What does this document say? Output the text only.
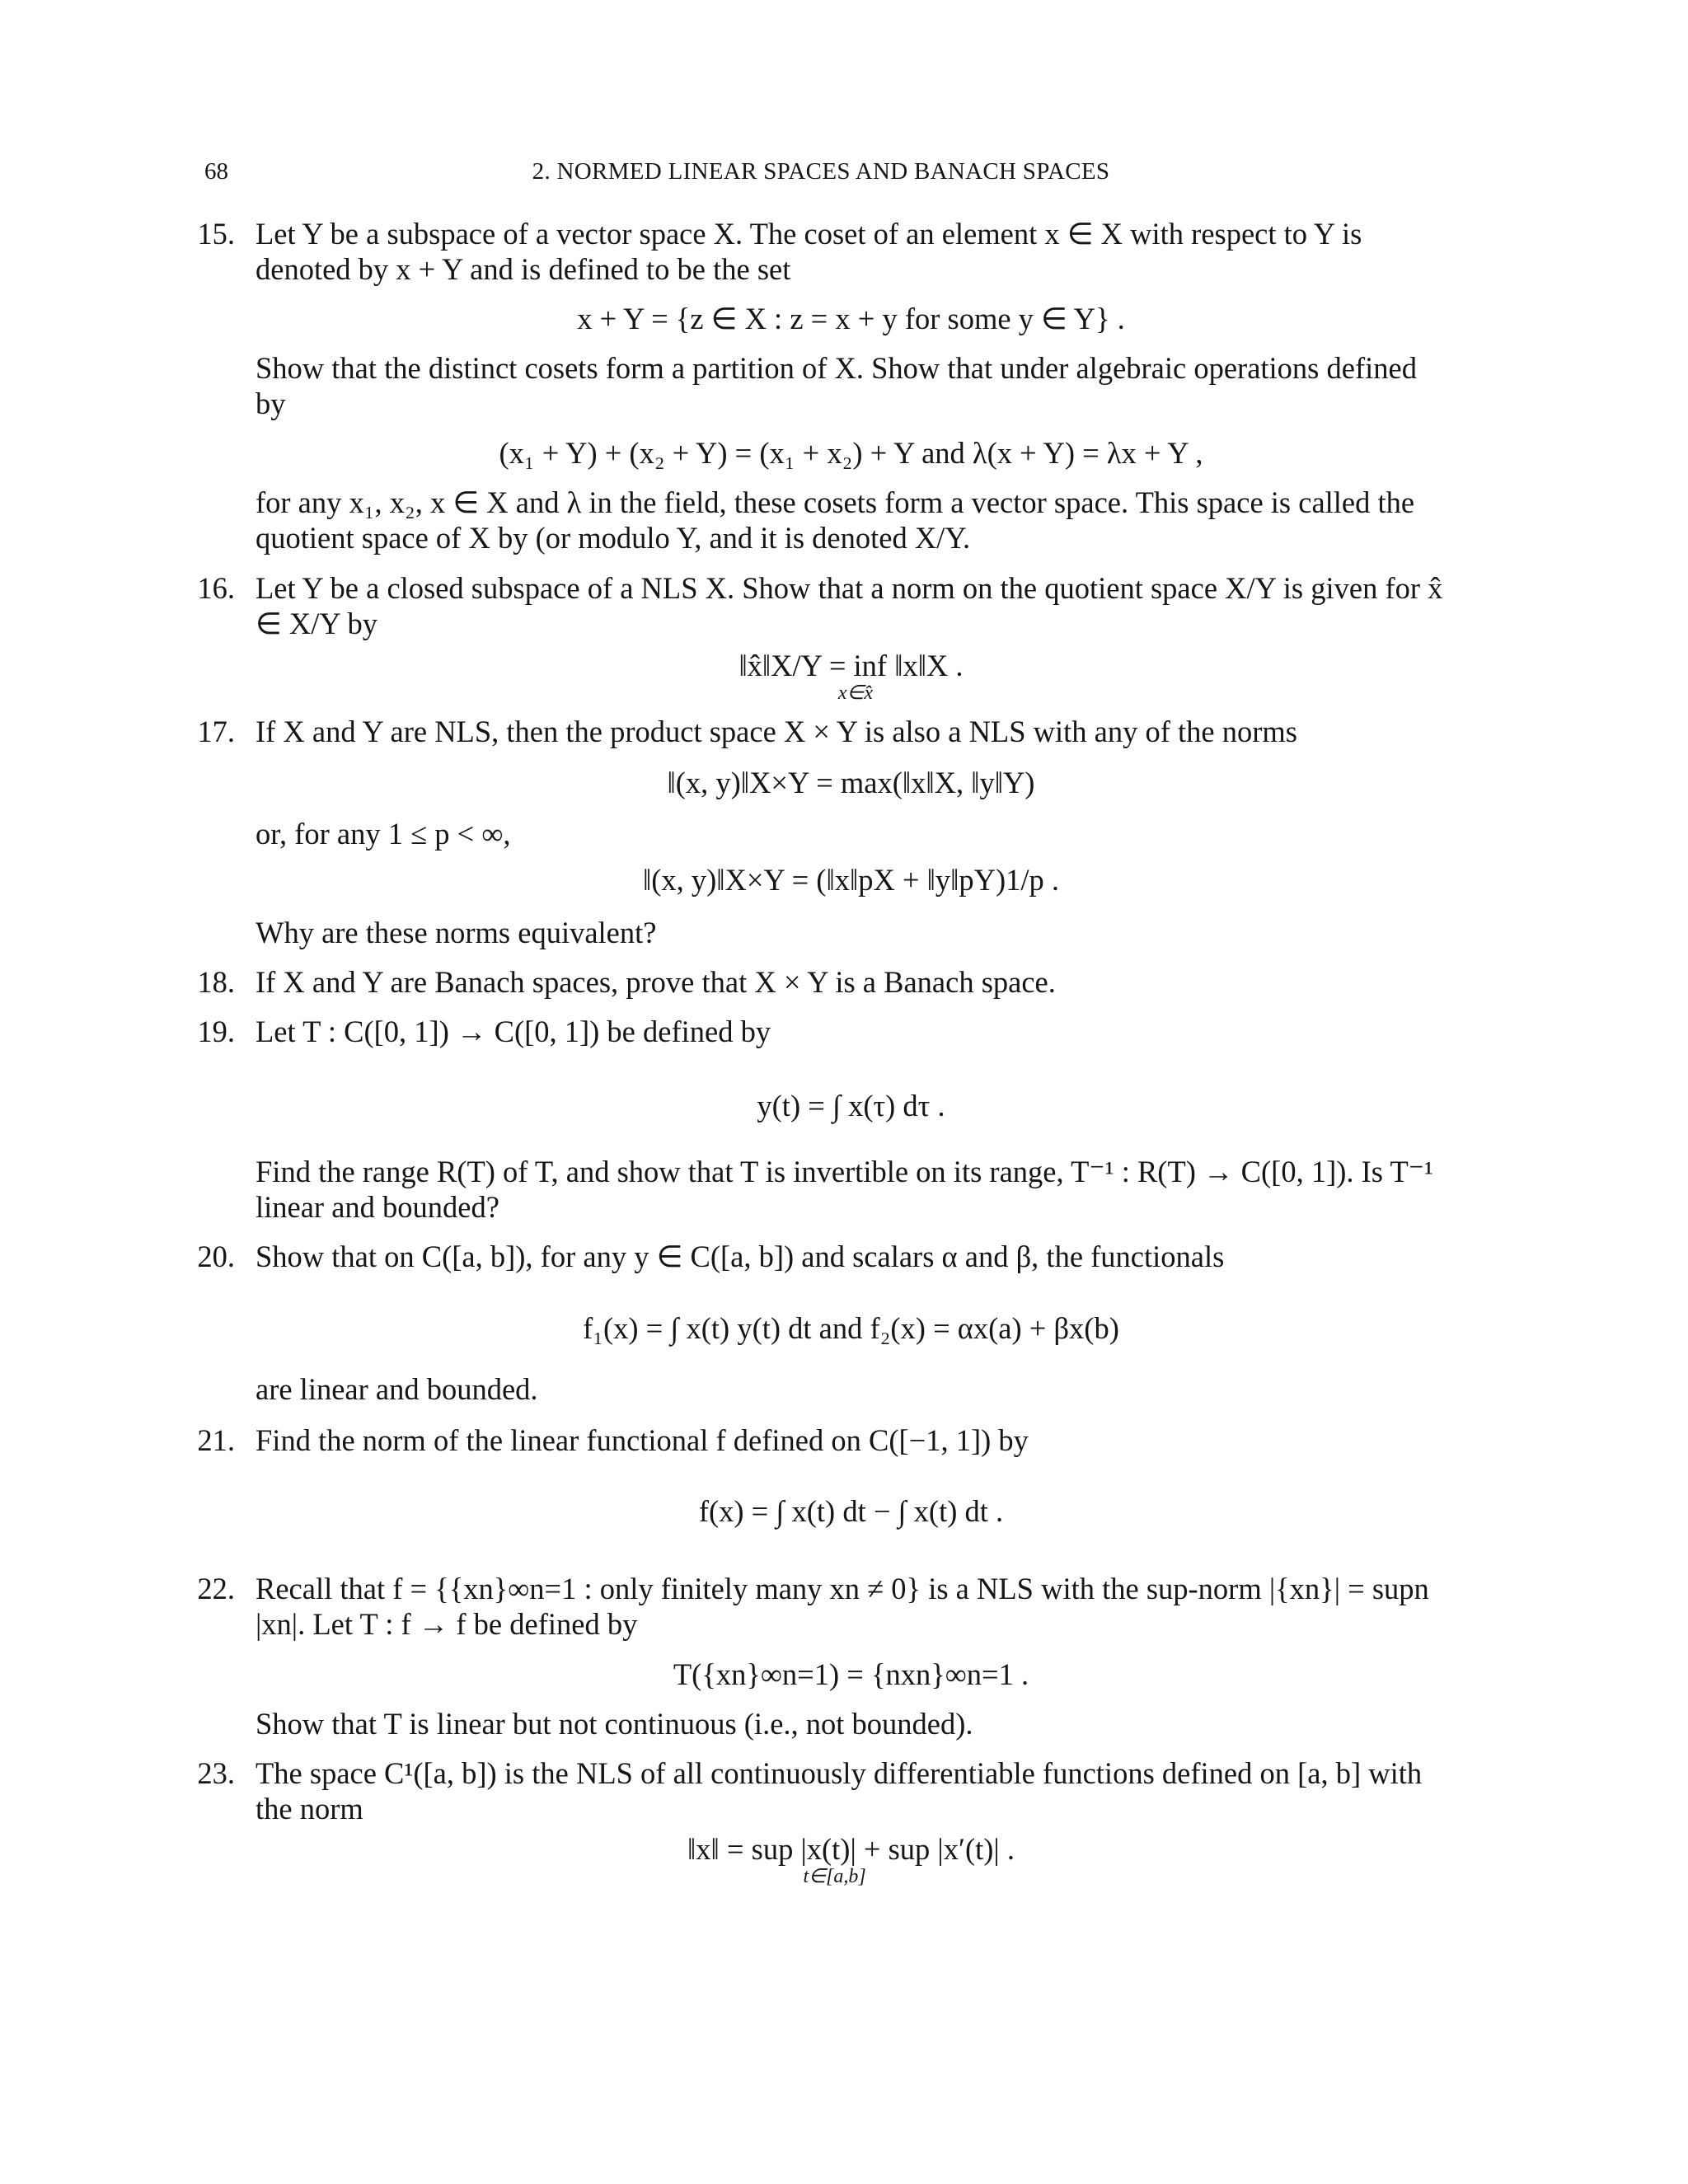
68	2. NORMED LINEAR SPACES AND BANACH SPACES
15. Let Y be a subspace of a vector space X. The coset of an element x ∈ X with respect to Y is denoted by x + Y and is defined to be the set

x + Y = {z ∈ X : z = x + y for some y ∈ Y} .

Show that the distinct cosets form a partition of X. Show that under algebraic operations defined by

(x₁ + Y) + (x₂ + Y) = (x₁ + x₂) + Y and λ(x + Y) = λx + Y ,

for any x₁, x₂, x ∈ X and λ in the field, these cosets form a vector space. This space is called the quotient space of X by (or modulo Y, and it is denoted X/Y.

16. Let Y be a closed subspace of a NLS X. Show that a norm on the quotient space X/Y is given for x̂ ∈ X/Y by

‖x̂‖X/Y = inf ‖x‖X .
x∈x̂
17. If X and Y are NLS, then the product space X × Y is also a NLS with any of the norms

‖(x, y)‖X×Y = max(‖x‖X, ‖y‖Y)

or, for any 1 ≤ p < ∞,

‖(x, y)‖X×Y = (‖x‖pX + ‖y‖pY)1/p .

Why are these norms equivalent?

18. If X and Y are Banach spaces, prove that X × Y is a Banach space.

19. Let T : C([0, 1]) → C([0, 1]) be defined by

y(t) = ∫ x(τ) dτ .

Find the range R(T) of T, and show that T is invertible on its range, T⁻¹ : R(T) → C([0, 1]). Is T⁻¹ linear and bounded?

20. Show that on C([a, b]), for any y ∈ C([a, b]) and scalars α and β, the functionals

f₁(x) = ∫ x(t) y(t) dt and f₂(x) = αx(a) + βx(b)

are linear and bounded.

21. Find the norm of the linear functional f defined on C([−1, 1]) by

f(x) = ∫ x(t) dt − ∫ x(t) dt .
22. Recall that f = {{xn}∞n=1 : only finitely many xn ≠ 0} is a NLS with the sup-norm |{xn}| = supn |xn|. Let T : f → f be defined by

T({xn}∞n=1) = {nxn}∞n=1 .

Show that T is linear but not continuous (i.e., not bounded).

23. The space C¹([a, b]) is the NLS of all continuously differentiable functions defined on [a, b] with the norm

‖x‖ = sup |x(t)| + sup |x′(t)| .
t∈[a,b]
